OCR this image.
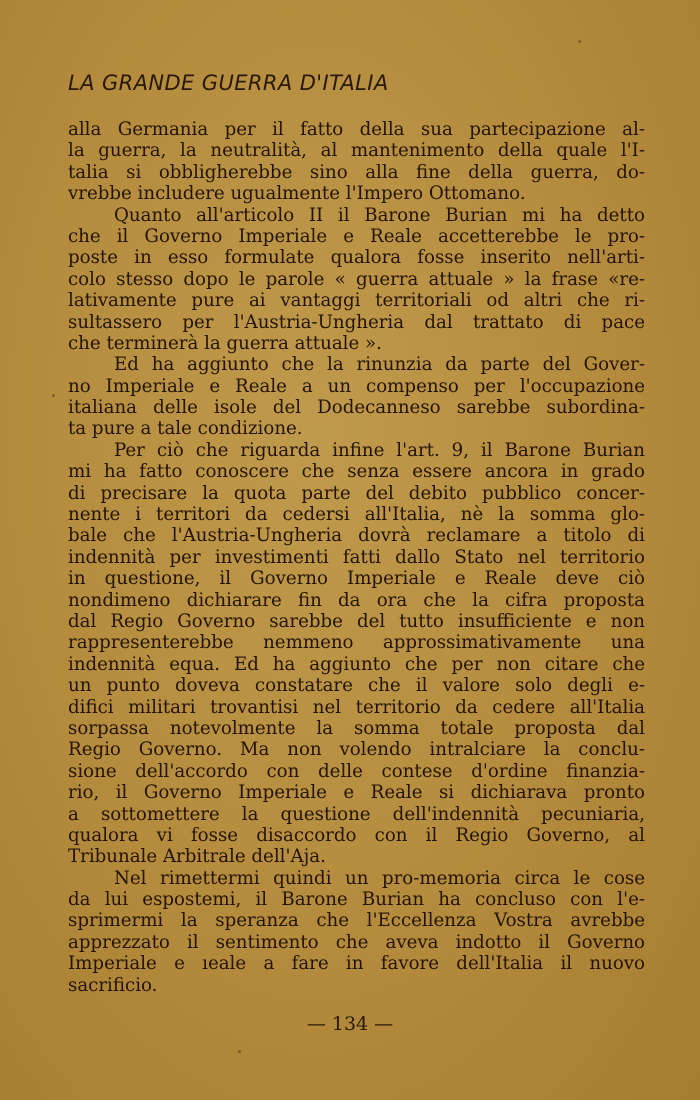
LA GRANDE GUERRA D'ITALIA
alla Germania per il fatto della sua partecipazione al-
la guerra, la neutralità, al mantenimento della quale l'I-
talia si obbligherebbe sino alla fine della guerra, do-
vrebbe includere ugualmente l'Impero Ottomano.
Quanto all'articolo II il Barone Burian mi ha detto
che il Governo Imperiale e Reale accetterebbe le pro-
poste in esso formulate qualora fosse inserito nell'arti-
colo stesso dopo le parole « guerra attuale » la frase «re-
lativamente pure ai vantaggi territoriali od altri che ri-
sultassero per l'Austria-Ungheria dal trattato di pace
che terminerà la guerra attuale ».
Ed ha aggiunto che la rinunzia da parte del Gover-
no Imperiale e Reale a un compenso per l'occupazione
italiana delle isole del Dodecanneso sarebbe subordina-
ta pure a tale condizione.
Per ciò che riguarda infine l'art. 9, il Barone Burian
mi ha fatto conoscere che senza essere ancora in grado
di precisare la quota parte del debito pubblico concer-
nente i territori da cedersi all'Italia, nè la somma glo-
bale che l'Austria-Ungheria dovrà reclamare a titolo di
indennità per investimenti fatti dallo Stato nel territorio
in questione, il Governo Imperiale e Reale deve ciò
nondimeno dichiarare fin da ora che la cifra proposta
dal Regio Governo sarebbe del tutto insufficiente e non
rappresenterebbe nemmeno approssimativamente una
indennità equa. Ed ha aggiunto che per non citare che
un punto doveva constatare che il valore solo degli e-
difici militari trovantisi nel territorio da cedere all'Italia
sorpassa notevolmente la somma totale proposta dal
Regio Governo. Ma non volendo intralciare la conclu-
sione dell'accordo con delle contese d'ordine finanzia-
rio, il Governo Imperiale e Reale si dichiarava pronto
a sottomettere la questione dell'indennità pecuniaria,
qualora vi fosse disaccordo con il Regio Governo, al
Tribunale Arbitrale dell'Aja.
Nel rimettermi quindi un pro-memoria circa le cose
da lui espostemi, il Barone Burian ha concluso con l'e-
sprimermi la speranza che l'Eccellenza Vostra avrebbe
apprezzato il sentimento che aveva indotto il Governo
Imperiale e ıeale a fare in favore dell'Italia il nuovo
sacrificio.
— 134 —
